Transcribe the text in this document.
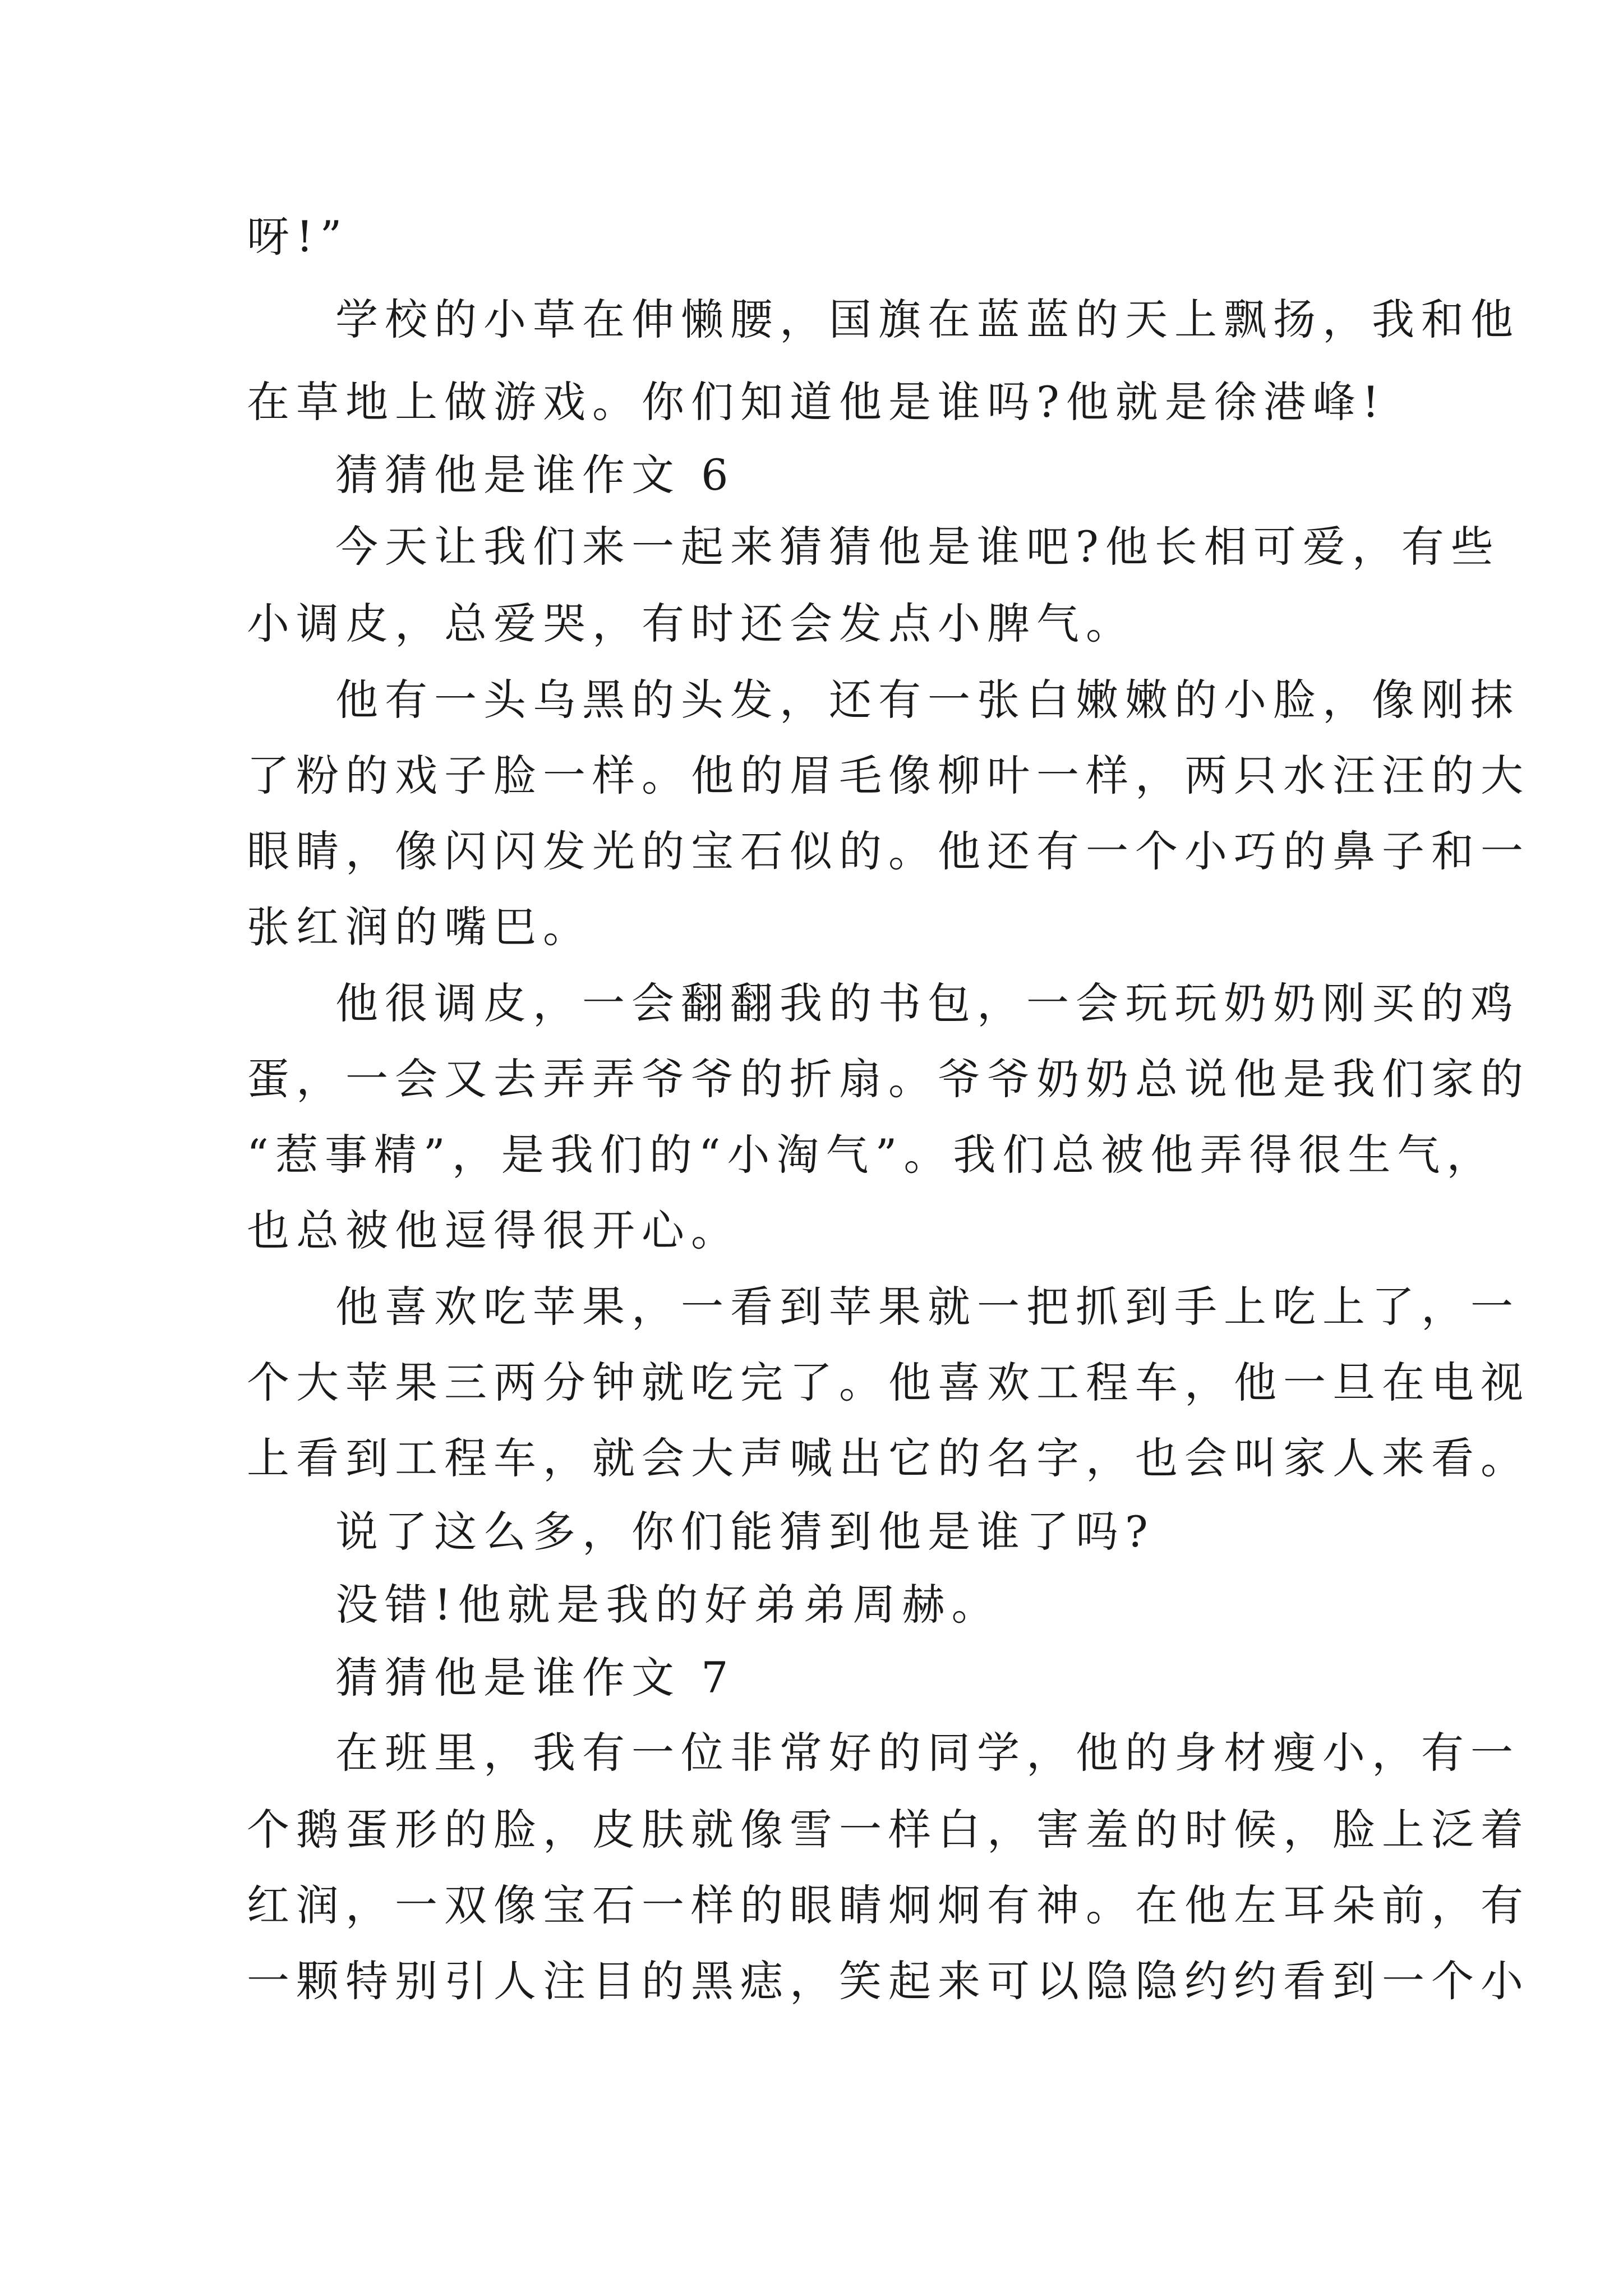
呀!”
学校的小草在伸懒腰，国旗在蓝蓝的天上飘扬，我和他
在草地上做游戏。你们知道他是谁吗?他就是徐港峰!
猜猜他是谁作文 6
今天让我们来一起来猜猜他是谁吧?他长相可爱，有些
小调皮，总爱哭，有时还会发点小脾气。
他有一头乌黑的头发，还有一张白嫩嫩的小脸，像刚抹
了粉的戏子脸一样。他的眉毛像柳叶一样，两只水汪汪的大
眼睛，像闪闪发光的宝石似的。他还有一个小巧的鼻子和一
张红润的嘴巴。
他很调皮，一会翻翻我的书包，一会玩玩奶奶刚买的鸡
蛋，一会又去弄弄爷爷的折扇。爷爷奶奶总说他是我们家的
“惹事精”，是我们的“小淘气”。我们总被他弄得很生气，
也总被他逗得很开心。
他喜欢吃苹果，一看到苹果就一把抓到手上吃上了，一
个大苹果三两分钟就吃完了。他喜欢工程车，他一旦在电视
上看到工程车，就会大声喊出它的名字，也会叫家人来看。
说了这么多，你们能猜到他是谁了吗?
没错!他就是我的好弟弟周赫。
猜猜他是谁作文 7
在班里，我有一位非常好的同学，他的身材瘦小，有一
个鹅蛋形的脸，皮肤就像雪一样白，害羞的时候，脸上泛着
红润，一双像宝石一样的眼睛炯炯有神。在他左耳朵前，有
一颗特别引人注目的黑痣，笑起来可以隐隐约约看到一个小
